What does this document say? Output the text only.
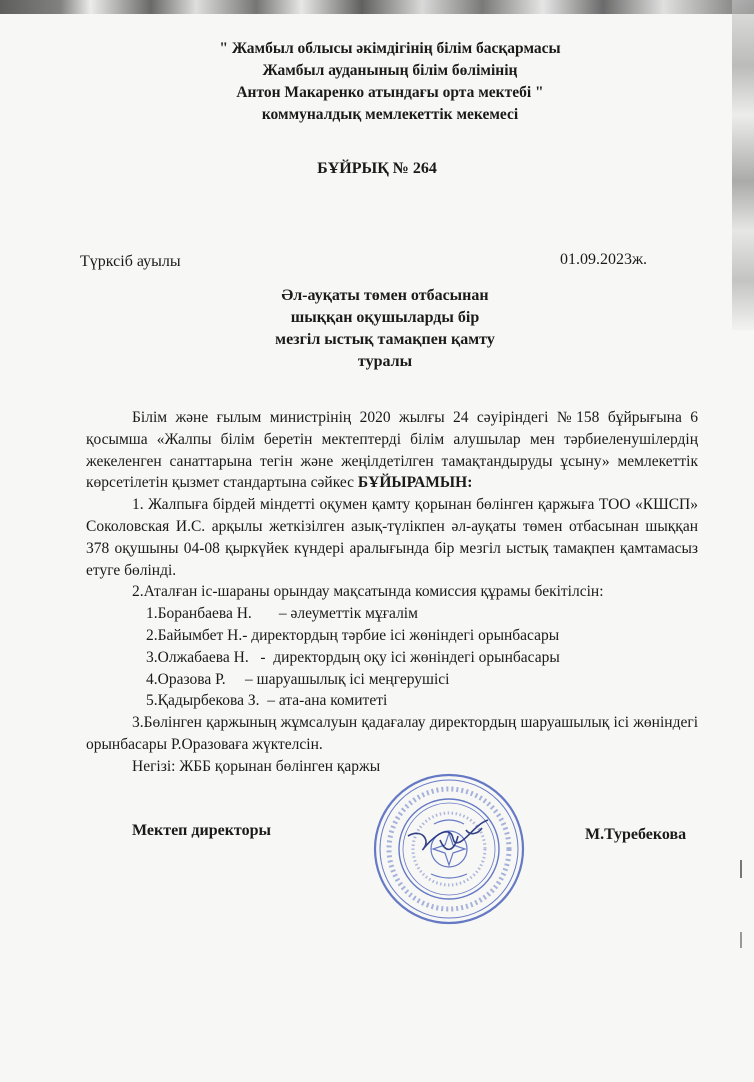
" Жамбыл облысы әкімдігінің білім басқармасы
Жамбыл ауданының білім бөлімінің
Антон Макаренко атындағы орта мектебі "
коммуналдық мемлекеттік мекемесі
БҰЙРЫҚ № 264
Түрксіб ауылы	01.09.2023ж.
Әл-ауқаты төмен отбасынан
шыққан оқушыларды бір
мезгіл ыстық тамақпен қамту
туралы

Білім және ғылым министрінің 2020 жылғы 24 сәуіріндегі №158 бұйрығына 6 қосымша «Жалпы білім беретін мектептерді білім алушылар мен тәрбиеленушілердің жекеленген санаттарына тегін және жеңілдетілген тамақтандыруды ұсыну» мемлекеттік көрсетілетін қызмет стандартына сәйкес БҰЙЫРАМЫН:

1. Жалпыға бірдей міндетті оқумен қамту қорынан бөлінген қаржыға ТОО «КШСП» Соколовская И.С. арқылы жеткізілген азық-түлікпен әл-ауқаты төмен отбасынан шыққан 378 оқушыны 04-08 қыркүйек күндері аралығында бір мезгіл ыстық тамақпен қамтамасыз етуге бөлінді.

2.Аталған іс-шараны орындау мақсатында комиссия құрамы бекітілсін:

1.Боранбаева Н.       – әлеуметтік мұғалім
2.Байымбет Н.- директордың тәрбие ісі жөніндегі орынбасары
3.Олжабаева Н.   -  директордың оқу ісі жөніндегі орынбасары
4.Оразова Р.     – шаруашылық ісі меңгерушісі
5.Қадырбекова З.  – ата-ана комитеті

3.Бөлінген қаржының жұмсалуын қадағалау директордың шаруашылық ісі жөніндегі орынбасары Р.Оразоваға жүктелсін.

Негізі: ЖББ қорынан бөлінген қаржы

Мектеп директоры	М.Туребекова
